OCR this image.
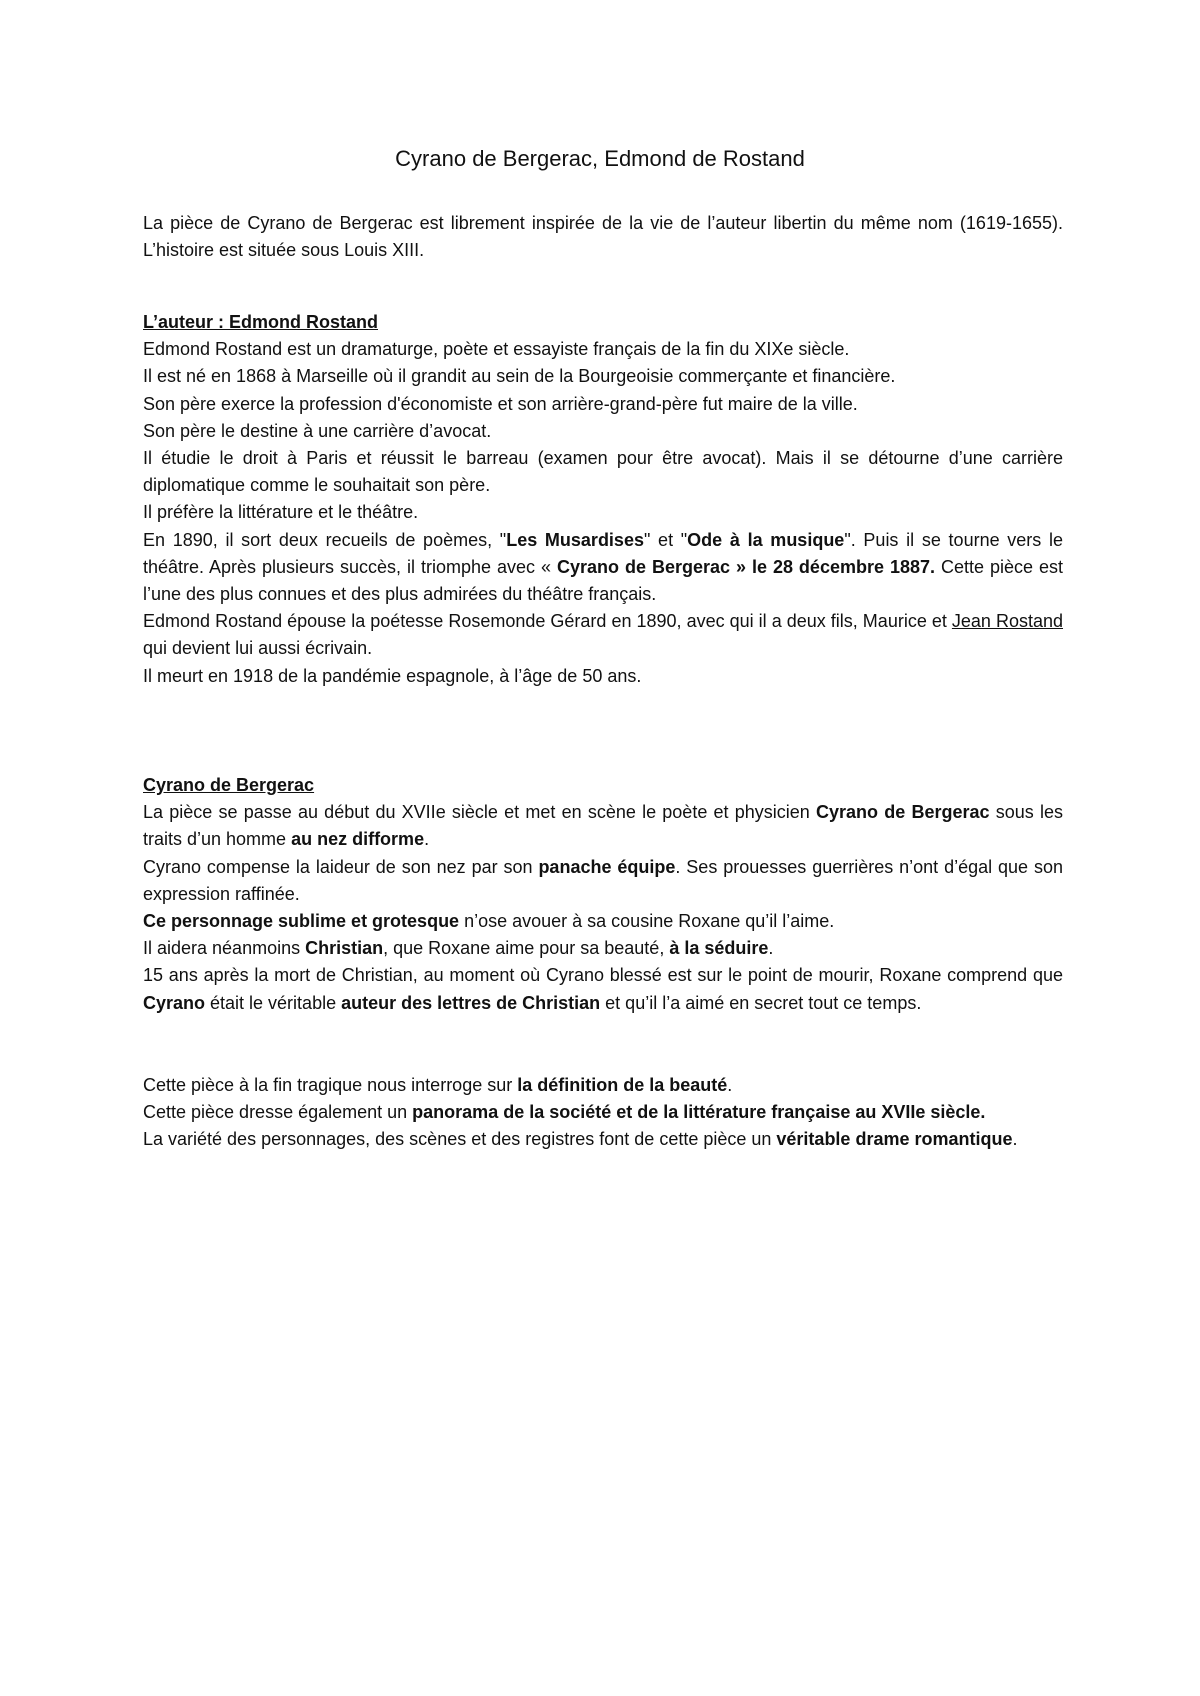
Cyrano de Bergerac, Edmond de Rostand

La pièce de Cyrano de Bergerac est librement inspirée de la vie de l’auteur libertin du même nom (1619-1655). L’histoire est située sous Louis XIII.

L’auteur : Edmond Rostand

Edmond Rostand est un dramaturge, poète et essayiste français de la fin du XIXe siècle.

Il est né en 1868 à Marseille où il grandit au sein de la Bourgeoisie commerçante et financière.

Son père exerce la profession d'économiste et son arrière-grand-père fut maire de la ville.

Son père le destine à une carrière d’avocat.

Il étudie le droit à Paris et réussit le barreau (examen pour être avocat). Mais il se détourne d’une carrière diplomatique comme le souhaitait son père.

Il préfère la littérature et le théâtre.

En 1890, il sort deux recueils de poèmes, "Les Musardises" et "Ode à la musique". Puis il se tourne vers le théâtre. Après plusieurs succès, il triomphe avec « Cyrano de Bergerac » le 28 décembre 1887. Cette pièce est l’une des plus connues et des plus admirées du théâtre français.

Edmond Rostand épouse la poétesse Rosemonde Gérard en 1890, avec qui il a deux fils, Maurice et Jean Rostand qui devient lui aussi écrivain.

Il meurt en 1918 de la pandémie espagnole, à l’âge de 50 ans.

Cyrano de Bergerac

La pièce se passe au début du XVIIe siècle et met en scène le poète et physicien Cyrano de Bergerac sous les traits d’un homme au nez difforme.

Cyrano compense la laideur de son nez par son panache équipe. Ses prouesses guerrières n’ont d’égal que son expression raffinée.

Ce personnage sublime et grotesque n’ose avouer à sa cousine Roxane qu’il l’aime.

Il aidera néanmoins Christian, que Roxane aime pour sa beauté, à la séduire.

15 ans après la mort de Christian, au moment où Cyrano blessé est sur le point de mourir, Roxane comprend que Cyrano était le véritable auteur des lettres de Christian et qu’il l’a aimé en secret tout ce temps.

Cette pièce à la fin tragique nous interroge sur la définition de la beauté.

Cette pièce dresse également un panorama de la société et de la littérature française au XVIIe siècle.

La variété des personnages, des scènes et des registres font de cette pièce un véritable drame romantique.
